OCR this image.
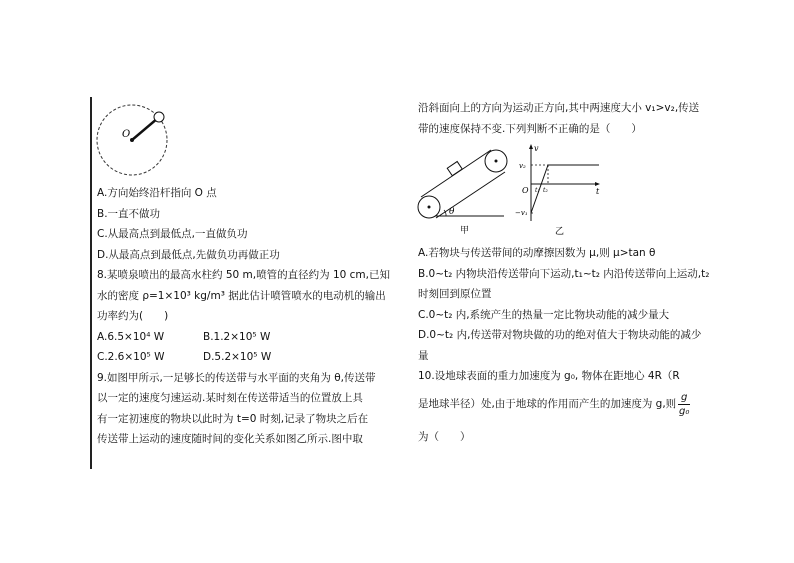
O
A.方向始终沿杆指向 O 点
B.一直不做功
C.从最高点到最低点,一直做负功
D.从最高点到最低点,先做负功再做正功
8.某喷泉喷出的最高水柱约 50 m,喷管的直径约为 10 cm,已知
水的密度 ρ=1×10³ kg/m³ 据此估计喷管喷水的电动机的输出
功率约为(　　)
A.6.5×10⁴ W	B.1.2×10⁵ W
C.2.6×10⁵ W	D.5.2×10⁵ W
9.如图甲所示,一足够长的传送带与水平面的夹角为 θ,传送带
以一定的速度匀速运动.某时刻在传送带适当的位置放上具
有一定初速度的物块以此时为 t=0 时刻,记录了物块之后在
传送带上运动的速度随时间的变化关系如图乙所示.图中取
沿斜面向上的方向为运动正方向,其中两速度大小 v₁>v₂,传送
带的速度保持不变.下列判断不正确的是（　　）
θ
甲
v
t
O
v₂
−v₁
t₁ t₂
乙
A.若物块与传送带间的动摩擦因数为 μ,则 μ>tan θ
B.0~t₂ 内物块沿传送带向下运动,t₁~t₂ 内沿传送带向上运动,t₂
时刻回到原位置
C.0~t₂ 内,系统产生的热量一定比物块动能的减少量大
D.0~t₂ 内,传送带对物块做的功的绝对值大于物块动能的减少
量
10.设地球表面的重力加速度为 g₀, 物体在距地心 4R（R
是地球半径）处,由于地球的作用而产生的加速度为 g,则 $\frac{g}{\text{g₀}}$
为（　　）
